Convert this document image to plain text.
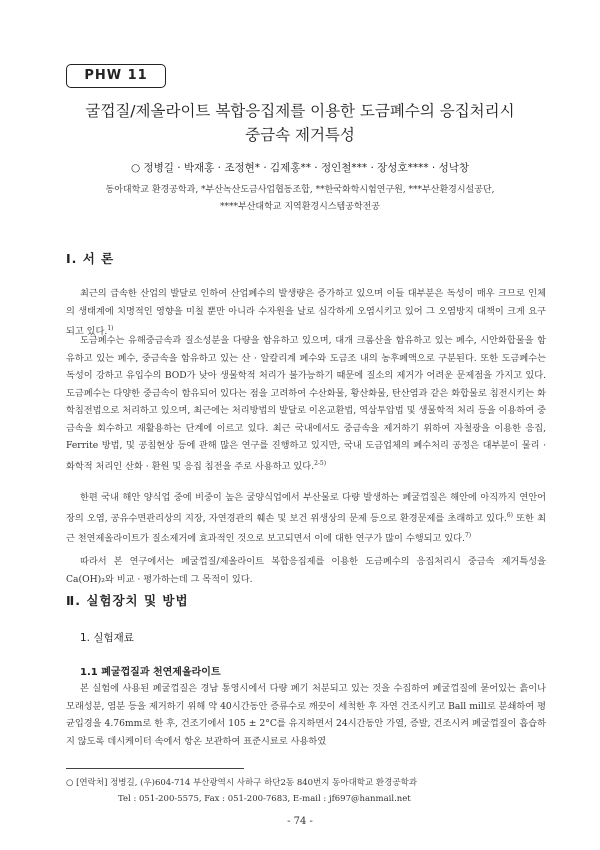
PHW 11
굴껍질/제올라이트 복합응집제를 이용한 도금폐수의 응집처리시
중금속 제거특성
○ 정병길 · 박재홍 · 조정현* · 김제홍** · 정인철*** · 장성호**** · 성낙창
동아대학교 환경공학과, *부산녹산도금사업협동조합, **한국화학시험연구원, ***부산환경시설공단,
****부산대학교 지역환경시스템공학전공
Ⅰ. 서 론

최근의 급속한 산업의 발달로 인하여 산업폐수의 발생량은 증가하고 있으며 이들 대부분은 독성이 매우 크므로 인체의 생태계에 치명적인 영향을 미칠 뿐만 아니라 수자원을 날로 심각하게 오염시키고 있어 그 오염방지 대책이 크게 요구되고 있다.$^{1)}$

도금폐수는 유해중금속과 질소성분을 다량을 함유하고 있으며, 대개 크롬산을 함유하고 있는 폐수, 시안화합물을 함유하고 있는 폐수, 중금속을 함유하고 있는 산 · 알칼리계 폐수와 도금조 내의 농후폐액으로 구분된다. 또한 도금폐수는 독성이 강하고 유입수의 BOD가 낮아 생물학적 처리가 불가능하기 때문에 질소의 제거가 어려운 문제점을 가지고 있다. 도금폐수는 다양한 중금속이 함유되어 있다는 점을 고려하여 수산화물, 황산화물, 탄산염과 같은 화합물로 침전시키는 화학침전법으로 처리하고 있으며, 최근에는 처리방법의 발달로 이온교환법, 역삼투압법 및 생물학적 처리 등을 이용하여 중금속을 회수하고 재활용하는 단계에 이르고 있다. 최근 국내에서도 중금속을 제거하기 위하여 자철광을 이용한 응집, Ferrite 방법, 및 공침현상 등에 관해 많은 연구를 진행하고 있지만, 국내 도금업체의 폐수처리 공정은 대부분이 물리 · 화학적 처리인 산화 · 환원 및 응집 침전을 주로 사용하고 있다.$^{2-5)}$

한편 국내 해안 양식업 중에 비중이 높은 굴양식업에서 부산물로 다량 발생하는 폐굴껍질은 해안에 아직까지 연안어장의 오염, 공유수면관리상의 지장, 자연경관의 훼손 및 보건 위생상의 문제 등으로 환경문제를 초래하고 있다.$^{6)}$ 또한 최근 천연제올라이트가 질소제거에 효과적인 것으로 보고되면서 이에 대한 연구가 많이 수행되고 있다.$^{7)}$

따라서 본 연구에서는 폐굴껍질/제올라이트 복합응집제를 이용한 도금폐수의 응집처리시 중금속 제거특성을 Ca(OH)₂와 비교 · 평가하는데 그 목적이 있다.

Ⅱ. 실험장치 및 방법
1. 실험재료
1.1 폐굴껍질과 천연제올라이트

본 실험에 사용된 폐굴껍질은 경남 통영시에서 다량 폐기 처분되고 있는 것을 수집하여 폐굴껍질에 묻어있는 흙이나 모래성분, 염분 등을 제거하기 위해 약 40시간동안 증류수로 깨끗이 세척한 후 자연 건조시키고 Ball mill로 분쇄하여 평균입경을 4.76mm로 한 후, 건조기에서 105 ± 2°C를 유지하면서 24시간동안 가열, 증발, 건조시켜 폐굴껍질이 흡습하지 않도록 데시케이터 속에서 항온 보관하여 표준시료로 사용하였

○ [연락처] 정병길, (우)604-714 부산광역시 사하구 하단2동 840번지 동아대학교 환경공학과
Tel : 051-200-5575, Fax : 051-200-7683, E-mail : jf697@hanmail.net
- 74 -
